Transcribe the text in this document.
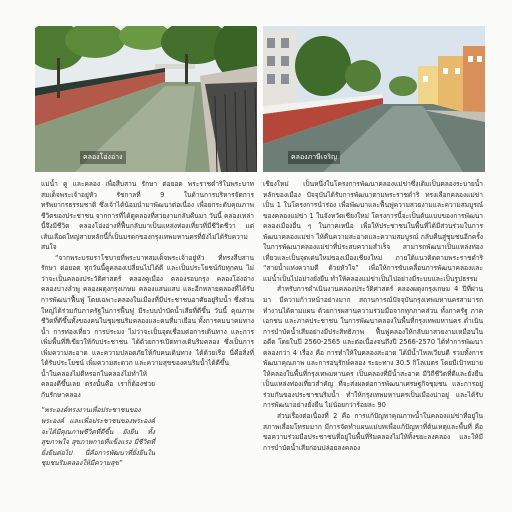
คลองโอ่งอ่าง	คลองภาษีเจริญ

แม่น้ำ คู และคลอง เพื่อสืบสาน รักษา ต่อยอด พระราชดำริในพระบาทสมเด็จพระเจ้าอยู่หัว รัชกาลที่ 9 ในด้านการบริหารจัดการทรัพยากรธรรมชาติ ซึ่งเจ้าได้น้อมนำมาพัฒนาต่อเนื่อง เพื่อยกระดับคุณภาพชีวิตของประชาชน จากการที่ได้ดูคลองที่สวยงามกลับคืนมา วันนี้ คลองเหล่านี้จึงมีชีวิต คลองโอ่งอ่างที่ฟื้นกลับมาเป็นแหล่งท่องเที่ยวที่มีชีวิตชีวา แต่เส้นเลือดใหญ่สายหลักนี้ก็เป็นมรดกของกรุงเทพมหานครที่ยังไม่ได้รับความสนใจ

“จากพระบรมราโชบายที่พระบาทสมเด็จพระเจ้าอยู่หัว ที่ทรงสืบสาน รักษา ต่อยอด ทุกวันนี้ดูคลองเปลี่ยนไปได้ดี และเป็นประโยชน์กับทุกคน ไม่ว่าจะเป็นคลองประวัติศาสตร์ คลองคูเมือง คลองรอบกรุง คลองโอ่งอ่าง คลองบางลำพู คลองผดุงกรุงเกษม คลองแสนแสบ และอีกหลายคลองที่ได้รับการพัฒนาฟื้นฟู โดยเฉพาะคลองในเมืองที่มีประชาชนอาศัยอยู่ริมน้ำ ซึ่งส่วนใหญ่ได้ร่วมกับภาครัฐในการฟื้นฟู มีระบบบำบัดน้ำเสียที่ดีขึ้น วันนี้ คุณภาพชีวิตที่ดีขึ้นทั้งของคนในชุมชนริมคลองและคนที่มาเยือน ทั้งการคมนาคมทางน้ำ การท่องเที่ยว การประมง ไม่ว่าจะเป็นจุดเชื่อมต่อการเดินทาง และการเพิ่มพื้นที่สีเขียวให้กับประชาชน ได้ด้วยการเปิดทางเดินริมคลอง ซึ่งเป็นการเพิ่มความสะอาด และความปลอดภัยให้กับคนเดินทาง ได้ด้วยเรือ นี่คือสิ่งที่ได้รับประโยชน์ เพิ่มความสะดวก และความสุขของคนริมน้ำได้ดีขึ้น

น้ำในคลองไม่ดีหรอกในคลองไม่ทำให้คลองดีขึ้นเลย ตรงนั้นคือ เราก็ต้องช่วยกันรักษาคลอง

“พระองค์ทรงงานเพื่อประชาชนของพระองค์ และเพื่อประชาชนของพระองค์จะได้มีคุณภาพชีวิตที่ดีขึ้น ยังยืน ทั้งสุขภาพใจ สุขภาพกายที่แข็งแรง มีชีวิตที่ยั่งยืนต่อไป นี่คือการพัฒนาที่ยั่งยืนในชุมชนริมคลองให้มีความสุข”

เชียงใหม่ เป็นหนึ่งในโครงการพัฒนาคลองแม่ข่าซึ่งเดิมเป็นคลองระบายน้ำหลักของเมือง ปัจจุบันได้รับการพัฒนาตามพระราชดำริ ทรงเลือกคลองแม่ข่าเป็น 1 ในโครงการนำร่อง เพื่อพัฒนาและฟื้นฟูความสวยงามและความสมบูรณ์ของคลองแม่ข่า 1 ในจังหวัดเชียงใหม่ โครงการนี้จะเป็นต้นแบบของการพัฒนาคลองเมืองอื่น ๆ ในภาคเหนือ เพื่อให้ประชาชนในพื้นที่ได้มีส่วนร่วมในการพัฒนาคลองแม่ข่า ให้คืนความสะอาดและความสมบูรณ์ กลับคืนสู่ชุมชนอีกครั้ง ในการพัฒนาคลองแม่ข่าที่ประสบความสำเร็จ สามารถพัฒนาเป็นแหล่งท่องเที่ยวและเป็นจุดเด่นใหม่ของเมืองเชียงใหม่ ภายใต้แนวคิดตามพระราชดำริ “สายน้ำแห่งความดี ด้วยหัวใจ” เพื่อให้การขับเคลื่อนการพัฒนาคลองและแม่น้ำเป็นไปอย่างยั่งยืน ทำให้คลองแม่ข่าเป็นไปอย่างมีระบบและเป็นรูปธรรม

สำหรับการดำเนินงานคลองประวัติศาสตร์ คลองผดุงกรุงเกษม 4 ปีที่ผ่านมา มีความก้าวหน้าอย่างมาก สถานการณ์ปัจจุบันกรุงเทพมหานครสามารถทำงานได้ตามแผน ด้วยการผสานความร่วมมือจากทุกภาคส่วน ทั้งภาครัฐ ภาคเอกชน และภาคประชาชน ในการพัฒนาคลองในพื้นที่กรุงเทพมหานคร ดำเนินการบำบัดน้ำเสียอย่างมีประสิทธิภาพ ฟื้นฟูคลองให้กลับมาสวยงามเหมือนในอดีต โดยในปี 2560-2565 และต่อเนื่องจนถึงปี 2566-2570 ได้ทำการพัฒนาคลองกว่า 4 เรื่อง คือ การทำให้ในคลองสะอาด ได้มีน้ำไหลเวียนดี รวมทั้งการพัฒนาคุณภาพ และการอนุรักษ์คลอง ระยะทาง 30.5 กิโลเมตร โดยมีเป้าหมายให้คลองในพื้นที่กรุงเทพมหานคร เป็นคลองที่มีน้ำสะอาด มีวิถีชีวิตที่ดีและยั่งยืนเป็นแหล่งท่องเที่ยวสำคัญ ที่จะส่งผลต่อการพัฒนาเศรษฐกิจชุมชน และการอยู่ร่วมกันของประชาชนริมน้ำ ทำให้กรุงเทพมหานครเป็นเมืองน่าอยู่ และได้รับการพัฒนาอย่างยั่งยืน ไม่น้อยกว่าร้อยละ 90

ส่วนเรื่องต่อเนื่องที่ 2 คือ การแก้ปัญหาคุณภาพน้ำในคลองแม่ข่าที่อยู่ในสภาพเสื่อมโทรมมาก มีการจัดทำแผนแม่บทเพื่อแก้ปัญหาที่ต้นเหตุและพื้นที่ คือ ขอความร่วมมือประชาชนที่อยู่ในพื้นที่ริมคลองไม่ให้ทิ้งขยะลงคลอง และให้มีการบำบัดน้ำเสียก่อนปล่อยลงคลอง
